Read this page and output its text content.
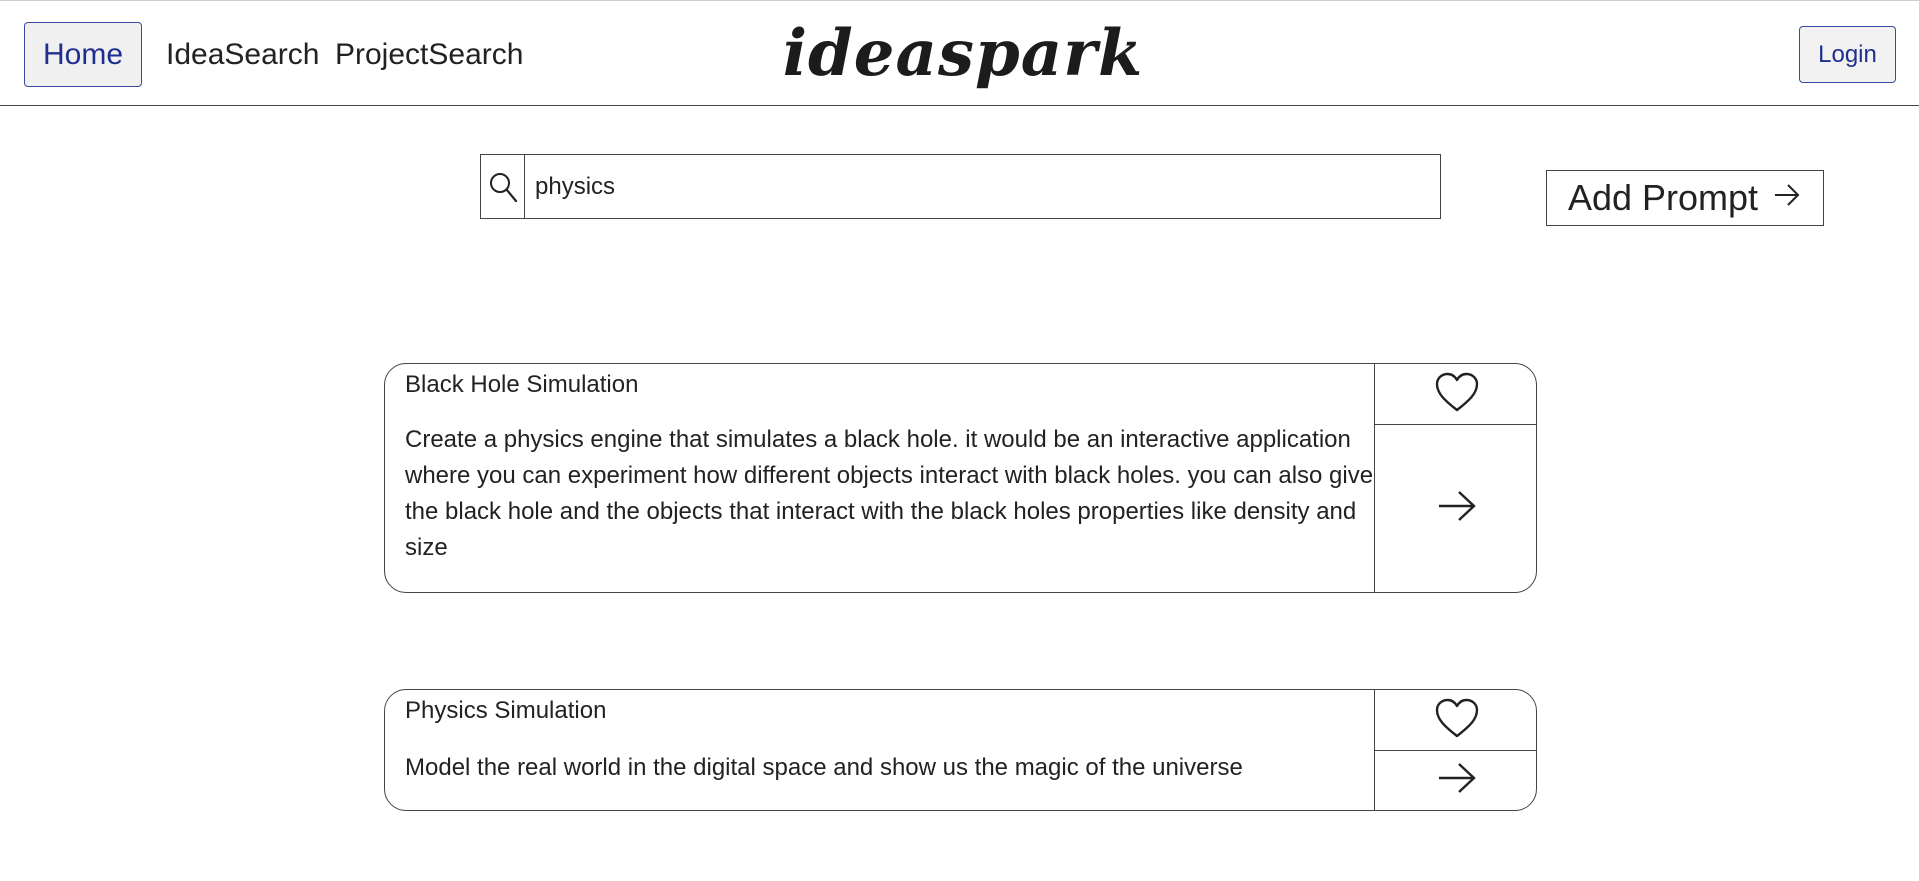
Home IdeaSearch ProjectSearch	ideaspark	Login
physics
Add Prompt

Black Hole Simulation

Create a physics engine that simulates a black hole. it would be an interactive application where you can experiment how different objects interact with black holes. you can also give the black hole and the objects that interact with the black holes properties like density and size

Physics Simulation

Model the real world in the digital space and show us the magic of the universe
